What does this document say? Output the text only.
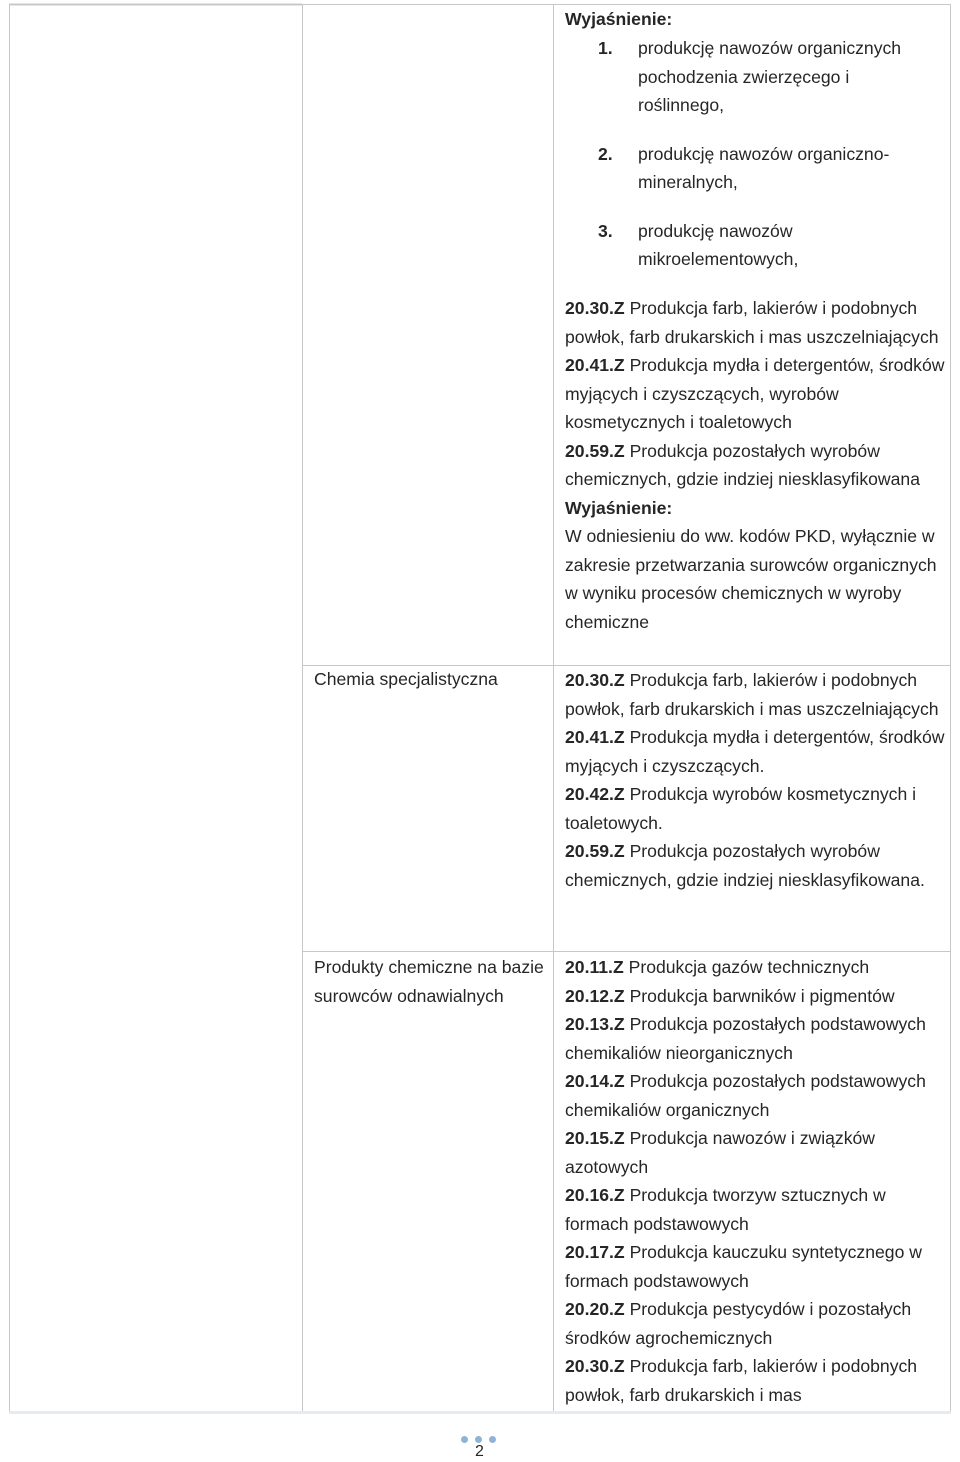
Chemia specjalistyczna
Produkty chemiczne na bazie surowców odnawialnych
Wyjaśnienie:
1. produkcję nawozów organicznych pochodzenia zwierzęcego i roślinnego,
2. produkcję nawozów organiczno-mineralnych,
3. produkcję nawozów mikroelementowych,

20.30.Z Produkcja farb, lakierów i podobnych powłok, farb drukarskich i mas uszczelniających

20.41.Z Produkcja mydła i detergentów, środków myjących i czyszczących, wyrobów kosmetycznych i toaletowych

20.59.Z Produkcja pozostałych wyrobów chemicznych, gdzie indziej niesklasyfikowana

Wyjaśnienie:

W odniesieniu do ww. kodów PKD, wyłącznie w zakresie przetwarzania surowców organicznych w wyniku procesów chemicznych w wyroby chemiczne

20.30.Z Produkcja farb, lakierów i podobnych powłok, farb drukarskich i mas uszczelniających

20.41.Z Produkcja mydła i detergentów, środków myjących i czyszczących.

20.42.Z Produkcja wyrobów kosmetycznych i toaletowych.

20.59.Z Produkcja pozostałych wyrobów chemicznych, gdzie indziej niesklasyfikowana.

20.11.Z Produkcja gazów technicznych

20.12.Z Produkcja barwników i pigmentów

20.13.Z Produkcja pozostałych podstawowych chemikaliów nieorganicznych

20.14.Z Produkcja pozostałych podstawowych chemikaliów organicznych

20.15.Z Produkcja nawozów i związków azotowych

20.16.Z Produkcja tworzyw sztucznych w formach podstawowych

20.17.Z Produkcja kauczuku syntetycznego w formach podstawowych

20.20.Z Produkcja pestycydów i pozostałych środków agrochemicznych

20.30.Z Produkcja farb, lakierów i podobnych powłok, farb drukarskich i mas

2
